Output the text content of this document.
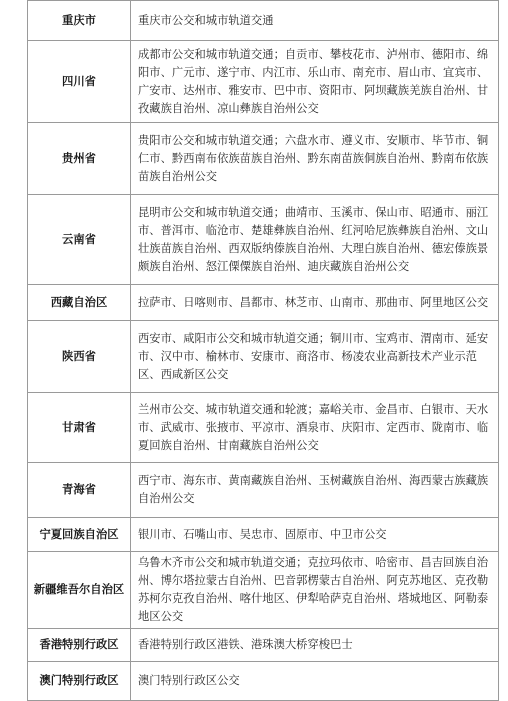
重庆市	重庆市公交和城市轨道交通
四川省	成都市公交和城市轨道交通；自贡市、攀枝花市、泸州市、德阳市、绵阳市、广元市、遂宁市、内江市、乐山市、南充市、眉山市、宜宾市、广安市、达州市、雅安市、巴中市、资阳市、阿坝藏族羌族自治州、甘孜藏族自治州、凉山彝族自治州公交
贵州省	贵阳市公交和城市轨道交通；六盘水市、遵义市、安顺市、毕节市、铜仁市、黔西南布依族苗族自治州、黔东南苗族侗族自治州、黔南布依族苗族自治州公交
云南省	昆明市公交和城市轨道交通；曲靖市、玉溪市、保山市、昭通市、丽江市、普洱市、临沧市、楚雄彝族自治州、红河哈尼族彝族自治州、文山壮族苗族自治州、西双版纳傣族自治州、大理白族自治州、德宏傣族景颇族自治州、怒江傈僳族自治州、迪庆藏族自治州公交
西藏自治区	拉萨市、日喀则市、昌都市、林芝市、山南市、那曲市、阿里地区公交
陕西省	西安市、咸阳市公交和城市轨道交通；铜川市、宝鸡市、渭南市、延安市、汉中市、榆林市、安康市、商洛市、杨凌农业高新技术产业示范区、西咸新区公交
甘肃省	兰州市公交、城市轨道交通和轮渡；嘉峪关市、金昌市、白银市、天水市、武威市、张掖市、平凉市、酒泉市、庆阳市、定西市、陇南市、临夏回族自治州、甘南藏族自治州公交
青海省	西宁市、海东市、黄南藏族自治州、玉树藏族自治州、海西蒙古族藏族自治州公交
宁夏回族自治区	银川市、石嘴山市、吴忠市、固原市、中卫市公交
新疆维吾尔自治区	乌鲁木齐市公交和城市轨道交通；克拉玛依市、哈密市、昌吉回族自治州、博尔塔拉蒙古自治州、巴音郭楞蒙古自治州、阿克苏地区、克孜勒苏柯尔克孜自治州、喀什地区、伊犁哈萨克自治州、塔城地区、阿勒泰地区公交
香港特别行政区	香港特别行政区港铁、港珠澳大桥穿梭巴士
澳门特别行政区	澳门特别行政区公交
